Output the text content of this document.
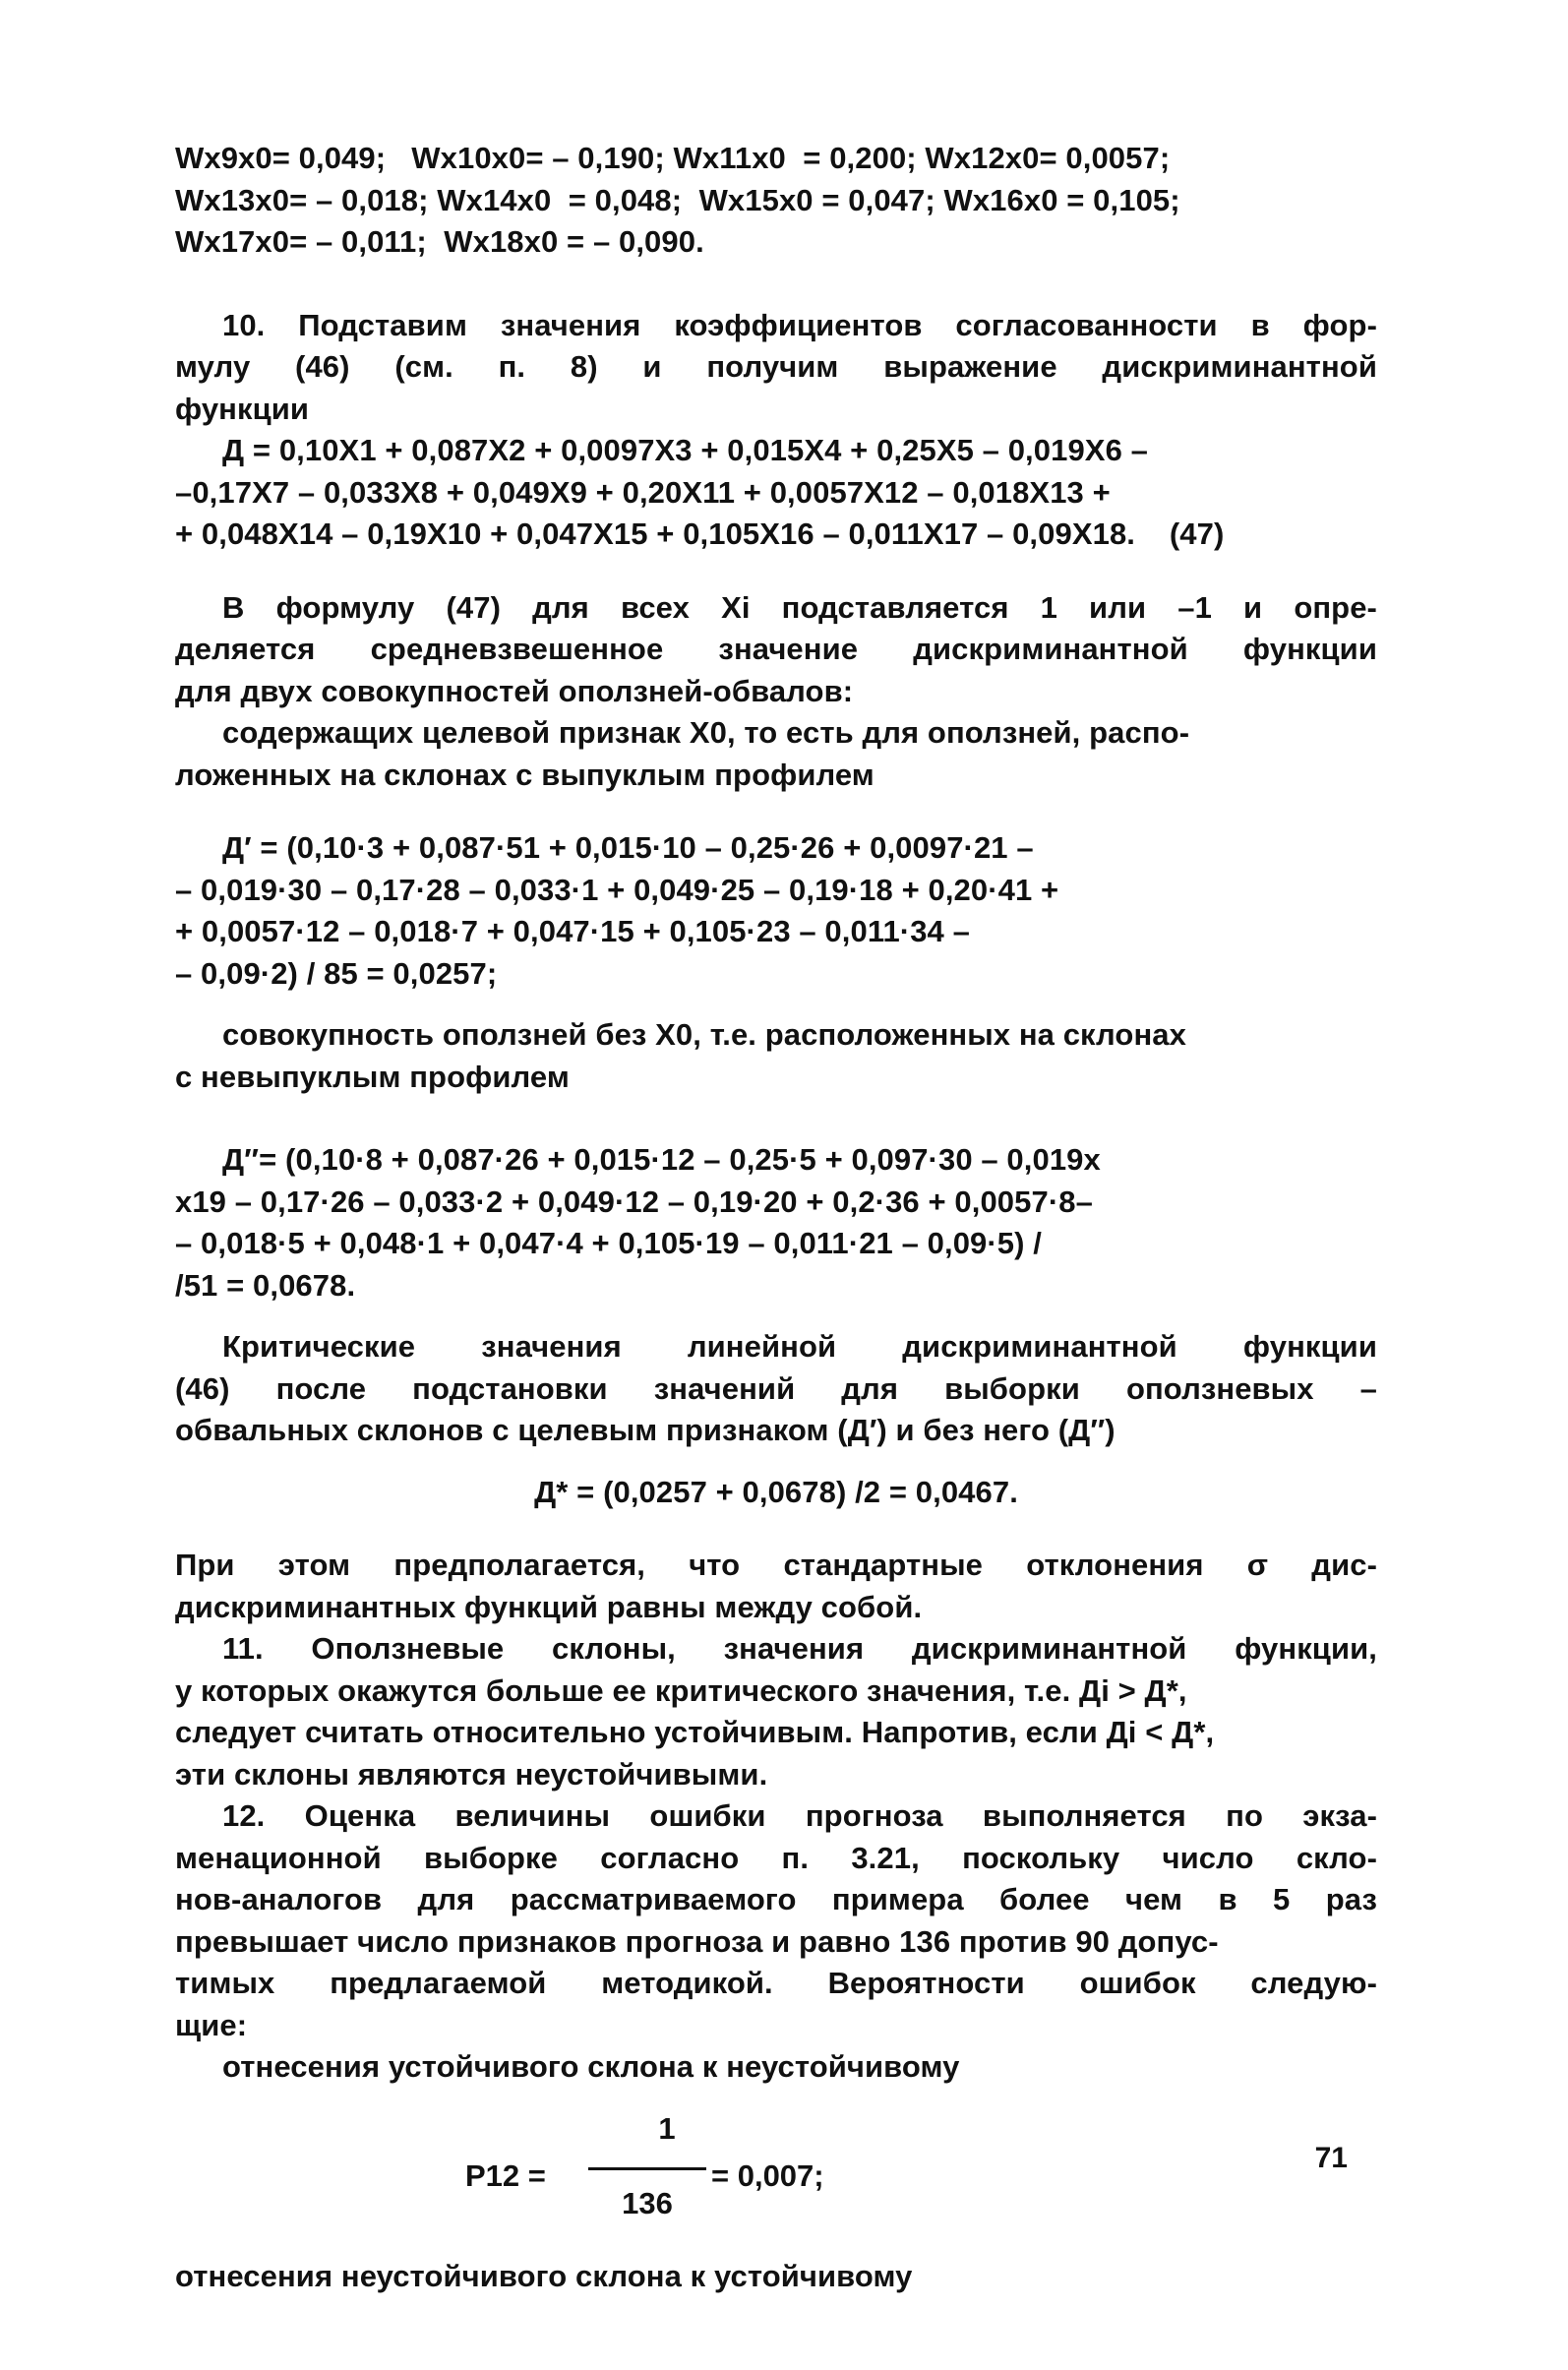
Wx9x0= 0,049;   Wx10x0= – 0,190; Wx11x0  = 0,200; Wx12x0= 0,0057;
Wx13x0= – 0,018; Wx14x0  = 0,048;  Wx15x0 = 0,047; Wx16x0 = 0,105;
Wx17x0= – 0,011;  Wx18x0 = – 0,090.
10. Подставим значения коэффициентов согласованности в фор-
мулу (46) (см. п. 8) и получим выражение дискриминантной
функции
Д = 0,10X1 + 0,087X2 + 0,0097X3 + 0,015X4 + 0,25X5 – 0,019X6 –
–0,17X7 – 0,033X8 + 0,049X9 + 0,20X11 + 0,0057X12 – 0,018X13 +
+ 0,048X14 – 0,19X10 + 0,047X15 + 0,105X16 – 0,011X17 – 0,09X18.    (47)
В формулу (47) для всех Xi подставляется 1 или –1 и опре-
деляется средневзвешенное значение дискриминантной функции
для двух совокупностей оползней-обвалов:
содержащих целевой признак X0, то есть для оползней, распо-
ложенных на склонах с выпуклым профилем
Д′ = (0,10·3 + 0,087·51 + 0,015·10 – 0,25·26 + 0,0097·21 –
– 0,019·30 – 0,17·28 – 0,033·1 + 0,049·25 – 0,19·18 + 0,20·41 +
+ 0,0057·12 – 0,018·7 + 0,047·15 + 0,105·23 – 0,011·34 –
– 0,09·2) / 85 = 0,0257;
совокупность оползней без X0, т.е. расположенных на склонах
с невыпуклым профилем
Д″= (0,10·8 + 0,087·26 + 0,015·12 – 0,25·5 + 0,097·30 – 0,019x
x19 – 0,17·26 – 0,033·2 + 0,049·12 – 0,19·20 + 0,2·36 + 0,0057·8–
– 0,018·5 + 0,048·1 + 0,047·4 + 0,105·19 – 0,011·21 – 0,09·5) /
/51 = 0,0678.
Критические значения линейной дискриминантной функции
(46) после подстановки значений для выборки оползневых –
обвальных склонов с целевым признаком (Д′) и без него (Д″)
Д* = (0,0257 + 0,0678) /2 = 0,0467.
При этом предполагается, что стандартные отклонения σ дис-
дискриминантных функций равны между собой.
11. Оползневые склоны, значения дискриминантной функции,
у которых окажутся больше ее критического значения, т.е. Дi > Д*,
следует считать относительно устойчивым. Напротив, если Дi < Д*,
эти склоны являются неустойчивыми.
12. Оценка величины ошибки прогноза выполняется по экза-
менационной выборке согласно п. 3.21, поскольку число скло-
нов-аналогов для рассматриваемого примера более чем в 5 раз
превышает число признаков прогноза и равно 136 против 90 допус-
тимых предлагаемой методикой. Вероятности ошибок следую-
щие:
отнесения устойчивого склона к неустойчивому
P12 =
1
136
= 0,007;
отнесения неустойчивого склона к устойчивому
71
